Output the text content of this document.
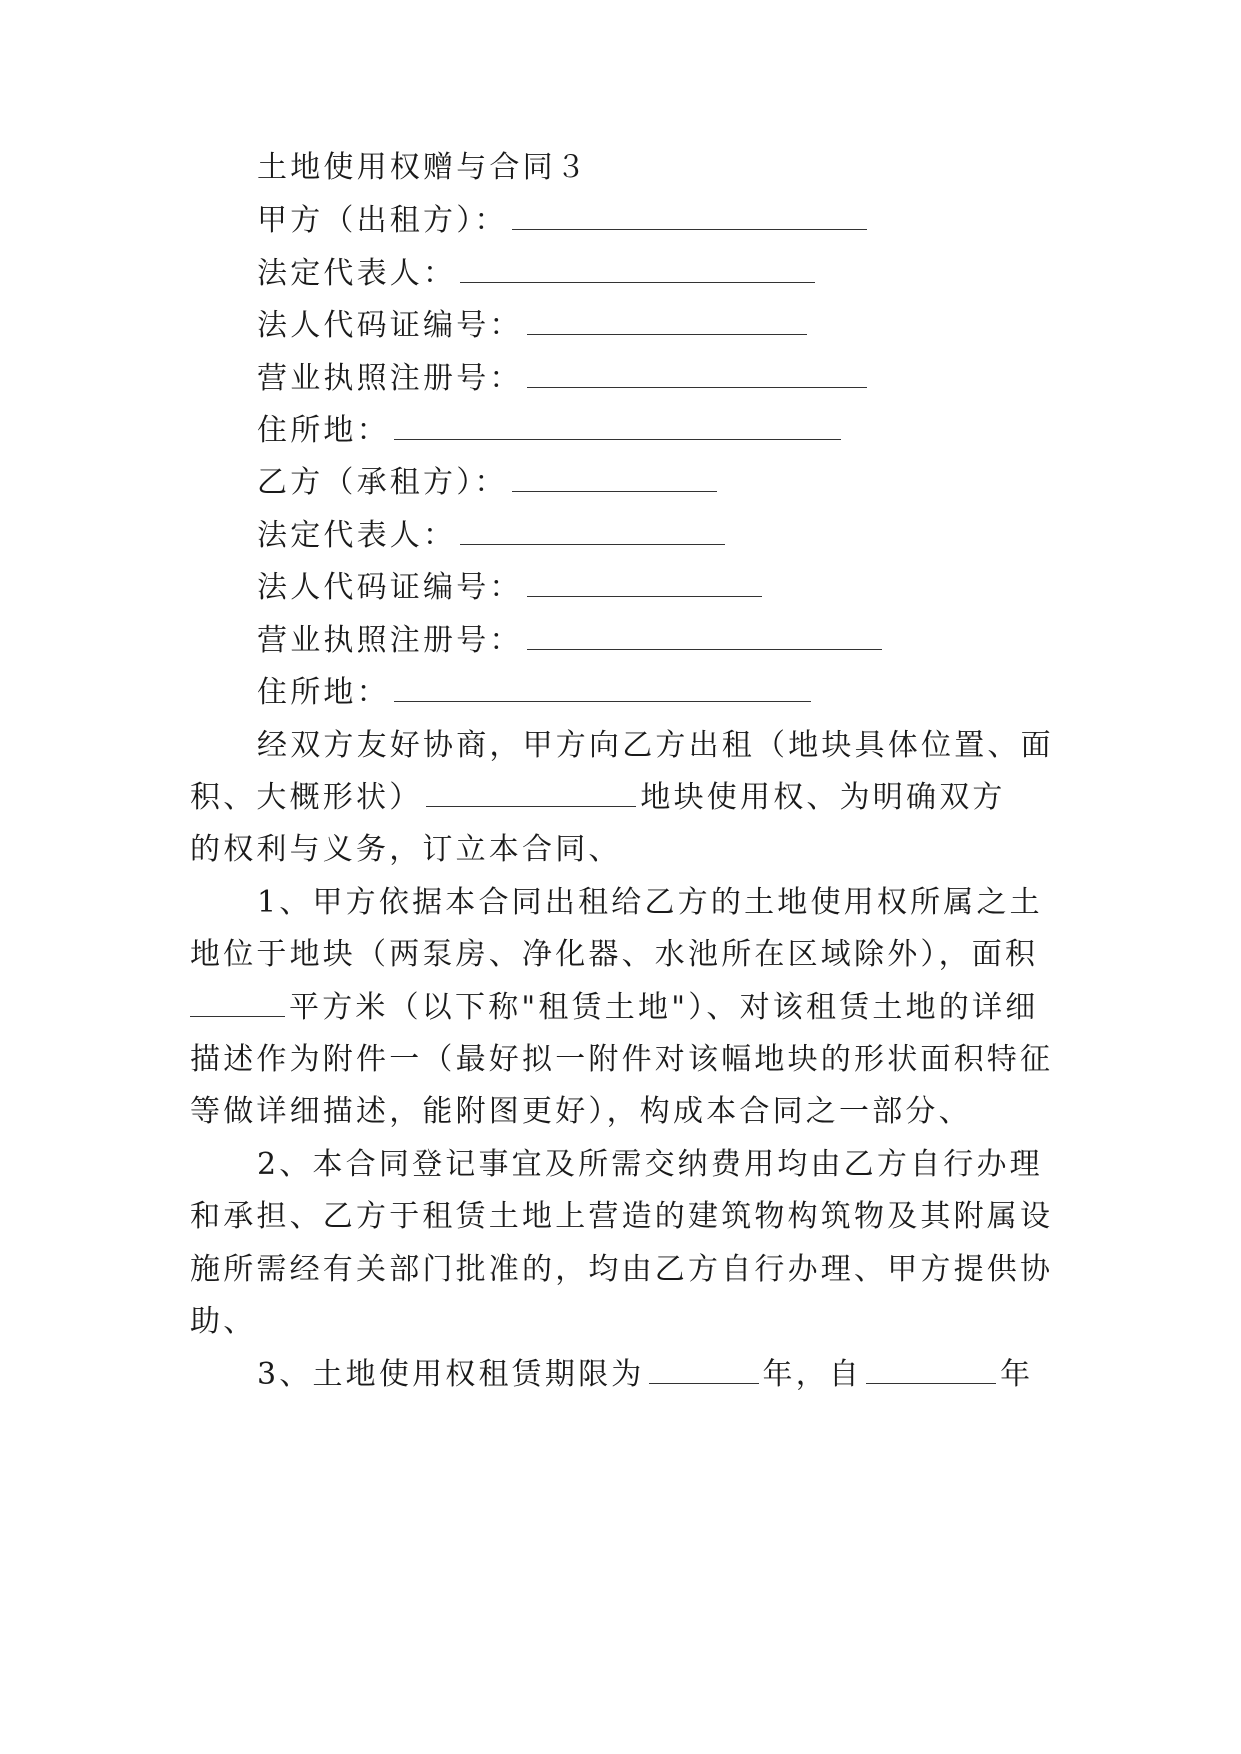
土地使用权赠与合同３
甲方（出租方）：
法定代表人：
法人代码证编号：
营业执照注册号：
住所地：
乙方（承租方）：
法定代表人：
法人代码证编号：
营业执照注册号：
住所地：
经双方友好协商，甲方向乙方出租（地块具体位置、面
积、大概形状）	地块使用权、为明确双方
的权利与义务，订立本合同、
1、甲方依据本合同出租给乙方的土地使用权所属之土
地位于地块（两泵房、净化器、水池所在区域除外），面积
平方米（以下称"租赁土地"）、对该租赁土地的详细
描述作为附件一（最好拟一附件对该幅地块的形状面积特征
等做详细描述，能附图更好），构成本合同之一部分、
2、本合同登记事宜及所需交纳费用均由乙方自行办理
和承担、乙方于租赁土地上营造的建筑物构筑物及其附属设
施所需经有关部门批准的，均由乙方自行办理、甲方提供协
助、
3、土地使用权租赁期限为	年，自	年
